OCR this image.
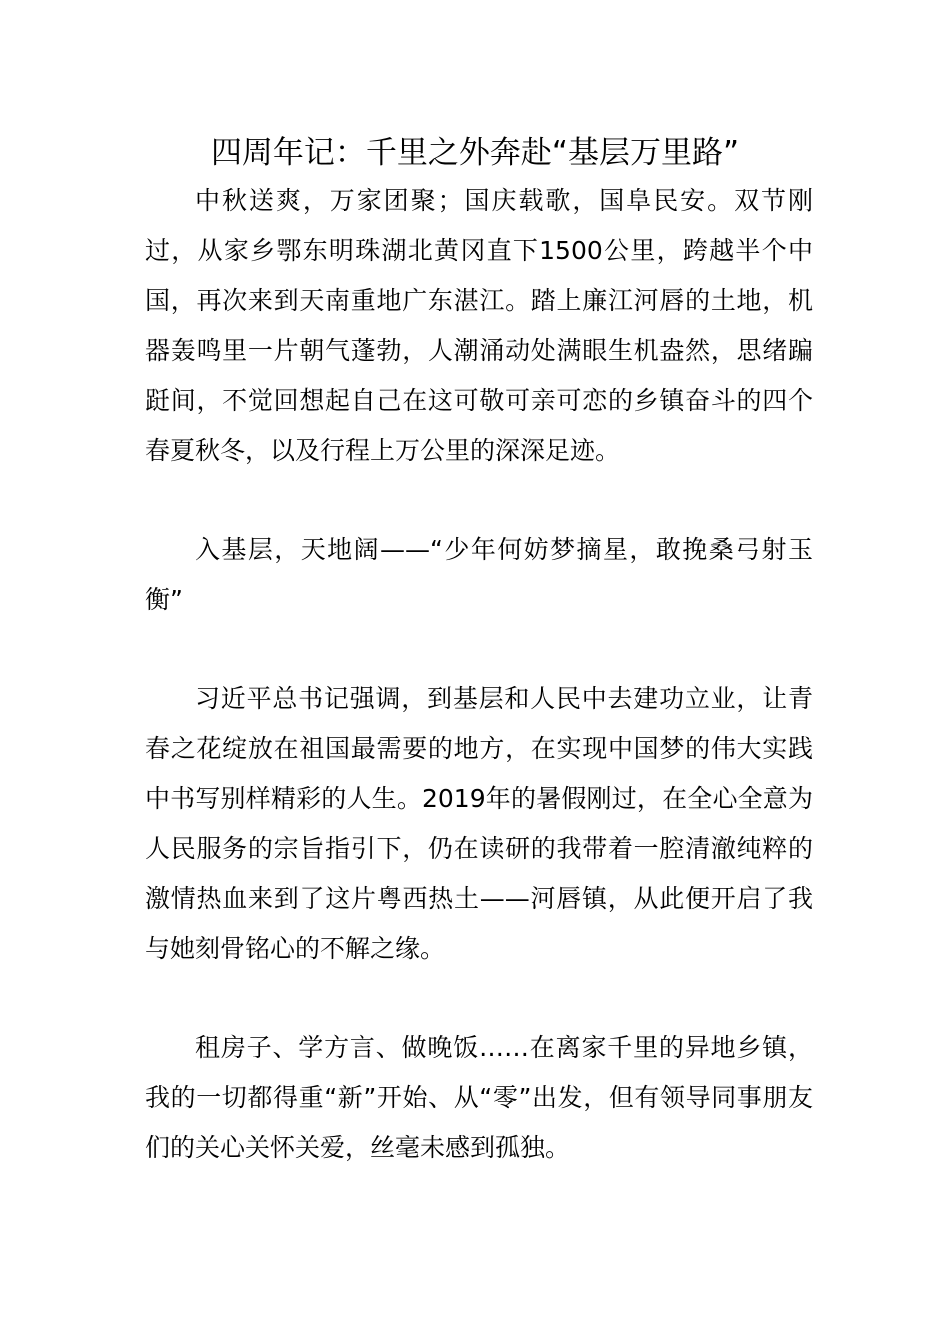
四周年记：千里之外奔赴“基层万里路”

中秋送爽，万家团聚；国庆载歌，国阜民安。双节刚过，从家乡鄂东明珠湖北黄冈直下1500公里，跨越半个中国，再次来到天南重地广东湛江。踏上廉江河唇的土地，机器轰鸣里一片朝气蓬勃，人潮涌动处满眼生机盎然，思绪蹁跹间，不觉回想起自己在这可敬可亲可恋的乡镇奋斗的四个春夏秋冬，以及行程上万公里的深深足迹。

入基层，天地阔——“少年何妨梦摘星，敢挽桑弓射玉衡”

习近平总书记强调，到基层和人民中去建功立业，让青春之花绽放在祖国最需要的地方，在实现中国梦的伟大实践中书写别样精彩的人生。2019年的暑假刚过，在全心全意为人民服务的宗旨指引下，仍在读研的我带着一腔清澈纯粹的激情热血来到了这片粤西热土——河唇镇，从此便开启了我与她刻骨铭心的不解之缘。

租房子、学方言、做晚饭……在离家千里的异地乡镇，我的一切都得重“新”开始、从“零”出发，但有领导同事朋友们的关心关怀关爱，丝毫未感到孤独。
